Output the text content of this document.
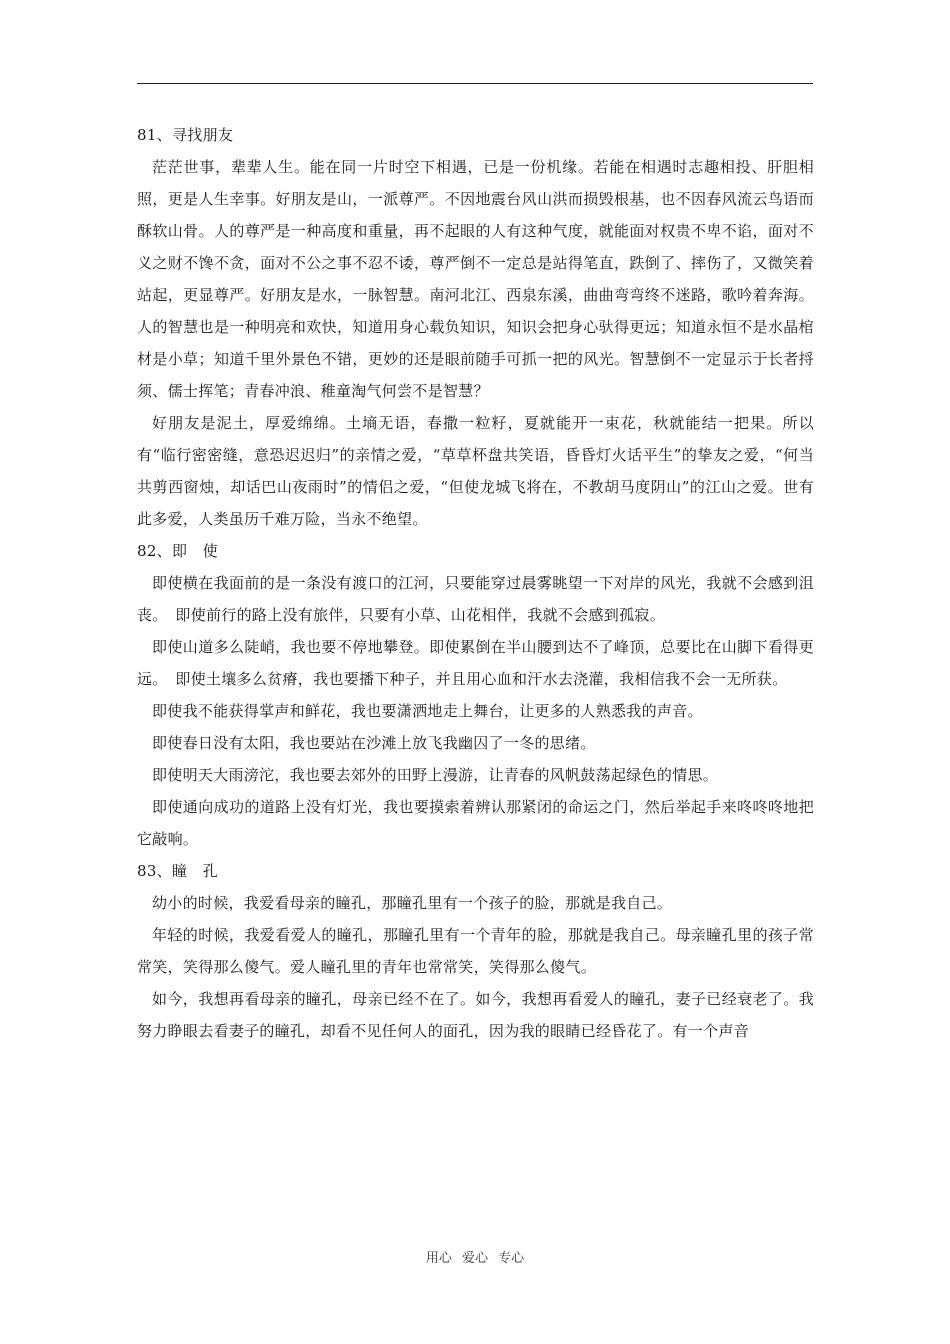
81、寻找朋友

茫茫世事，辈辈人生。能在同一片时空下相遇，已是一份机缘。若能在相遇时志趣相投、肝胆相照，更是人生幸事。好朋友是山，一派尊严。不因地震台风山洪而损毁根基，也不因春风流云鸟语而酥软山骨。人的尊严是一种高度和重量，再不起眼的人有这种气度，就能面对权贵不卑不谄，面对不义之财不馋不贪，面对不公之事不忍不诿，尊严倒不一定总是站得笔直，跌倒了、摔伤了，又微笑着站起，更显尊严。好朋友是水，一脉智慧。南河北江、西泉东溪，曲曲弯弯终不迷路，歌吟着奔海。人的智慧也是一种明亮和欢快，知道用身心载负知识，知识会把身心驮得更远；知道永恒不是水晶棺材是小草；知道千里外景色不错，更妙的还是眼前随手可抓一把的风光。智慧倒不一定显示于长者捋须、儒士挥笔；青春冲浪、稚童淘气何尝不是智慧？

好朋友是泥土，厚爱绵绵。土墒无语，春撒一粒籽，夏就能开一束花，秋就能结一把果。所以有“临行密密缝，意恐迟迟归”的亲情之爱，“草草杯盘共笑语，昏昏灯火话平生”的挚友之爱，“何当共剪西窗烛，却话巴山夜雨时”的情侣之爱，“但使龙城飞将在，不教胡马度阴山”的江山之爱。世有此多爱，人类虽历千难万险，当永不绝望。

82、即　使

即使横在我面前的是一条没有渡口的江河，只要能穿过晨雾眺望一下对岸的风光，我就不会感到沮丧。　即使前行的路上没有旅伴，只要有小草、山花相伴，我就不会感到孤寂。

即使山道多么陡峭，我也要不停地攀登。即使累倒在半山腰到达不了峰顶，总要比在山脚下看得更远。　即使土壤多么贫瘠，我也要播下种子，并且用心血和汗水去浇灌，我相信我不会一无所获。

即使我不能获得掌声和鲜花，我也要潇洒地走上舞台，让更多的人熟悉我的声音。

即使春日没有太阳，我也要站在沙滩上放飞我幽囚了一冬的思绪。

即使明天大雨滂沱，我也要去郊外的田野上漫游，让青春的风帆鼓荡起绿色的情思。

即使通向成功的道路上没有灯光，我也要摸索着辨认那紧闭的命运之门，然后举起手来咚咚咚地把它敲响。

83、瞳　孔

幼小的时候，我爱看母亲的瞳孔，那瞳孔里有一个孩子的脸，那就是我自己。

年轻的时候，我爱看爱人的瞳孔，那瞳孔里有一个青年的脸，那就是我自己。母亲瞳孔里的孩子常常笑，笑得那么傻气。爱人瞳孔里的青年也常常笑，笑得那么傻气。

如今，我想再看母亲的瞳孔，母亲已经不在了。如今，我想再看爱人的瞳孔，妻子已经衰老了。我努力睁眼去看妻子的瞳孔，却看不见任何人的面孔，因为我的眼睛已经昏花了。有一个声音

用心 爱心 专心
